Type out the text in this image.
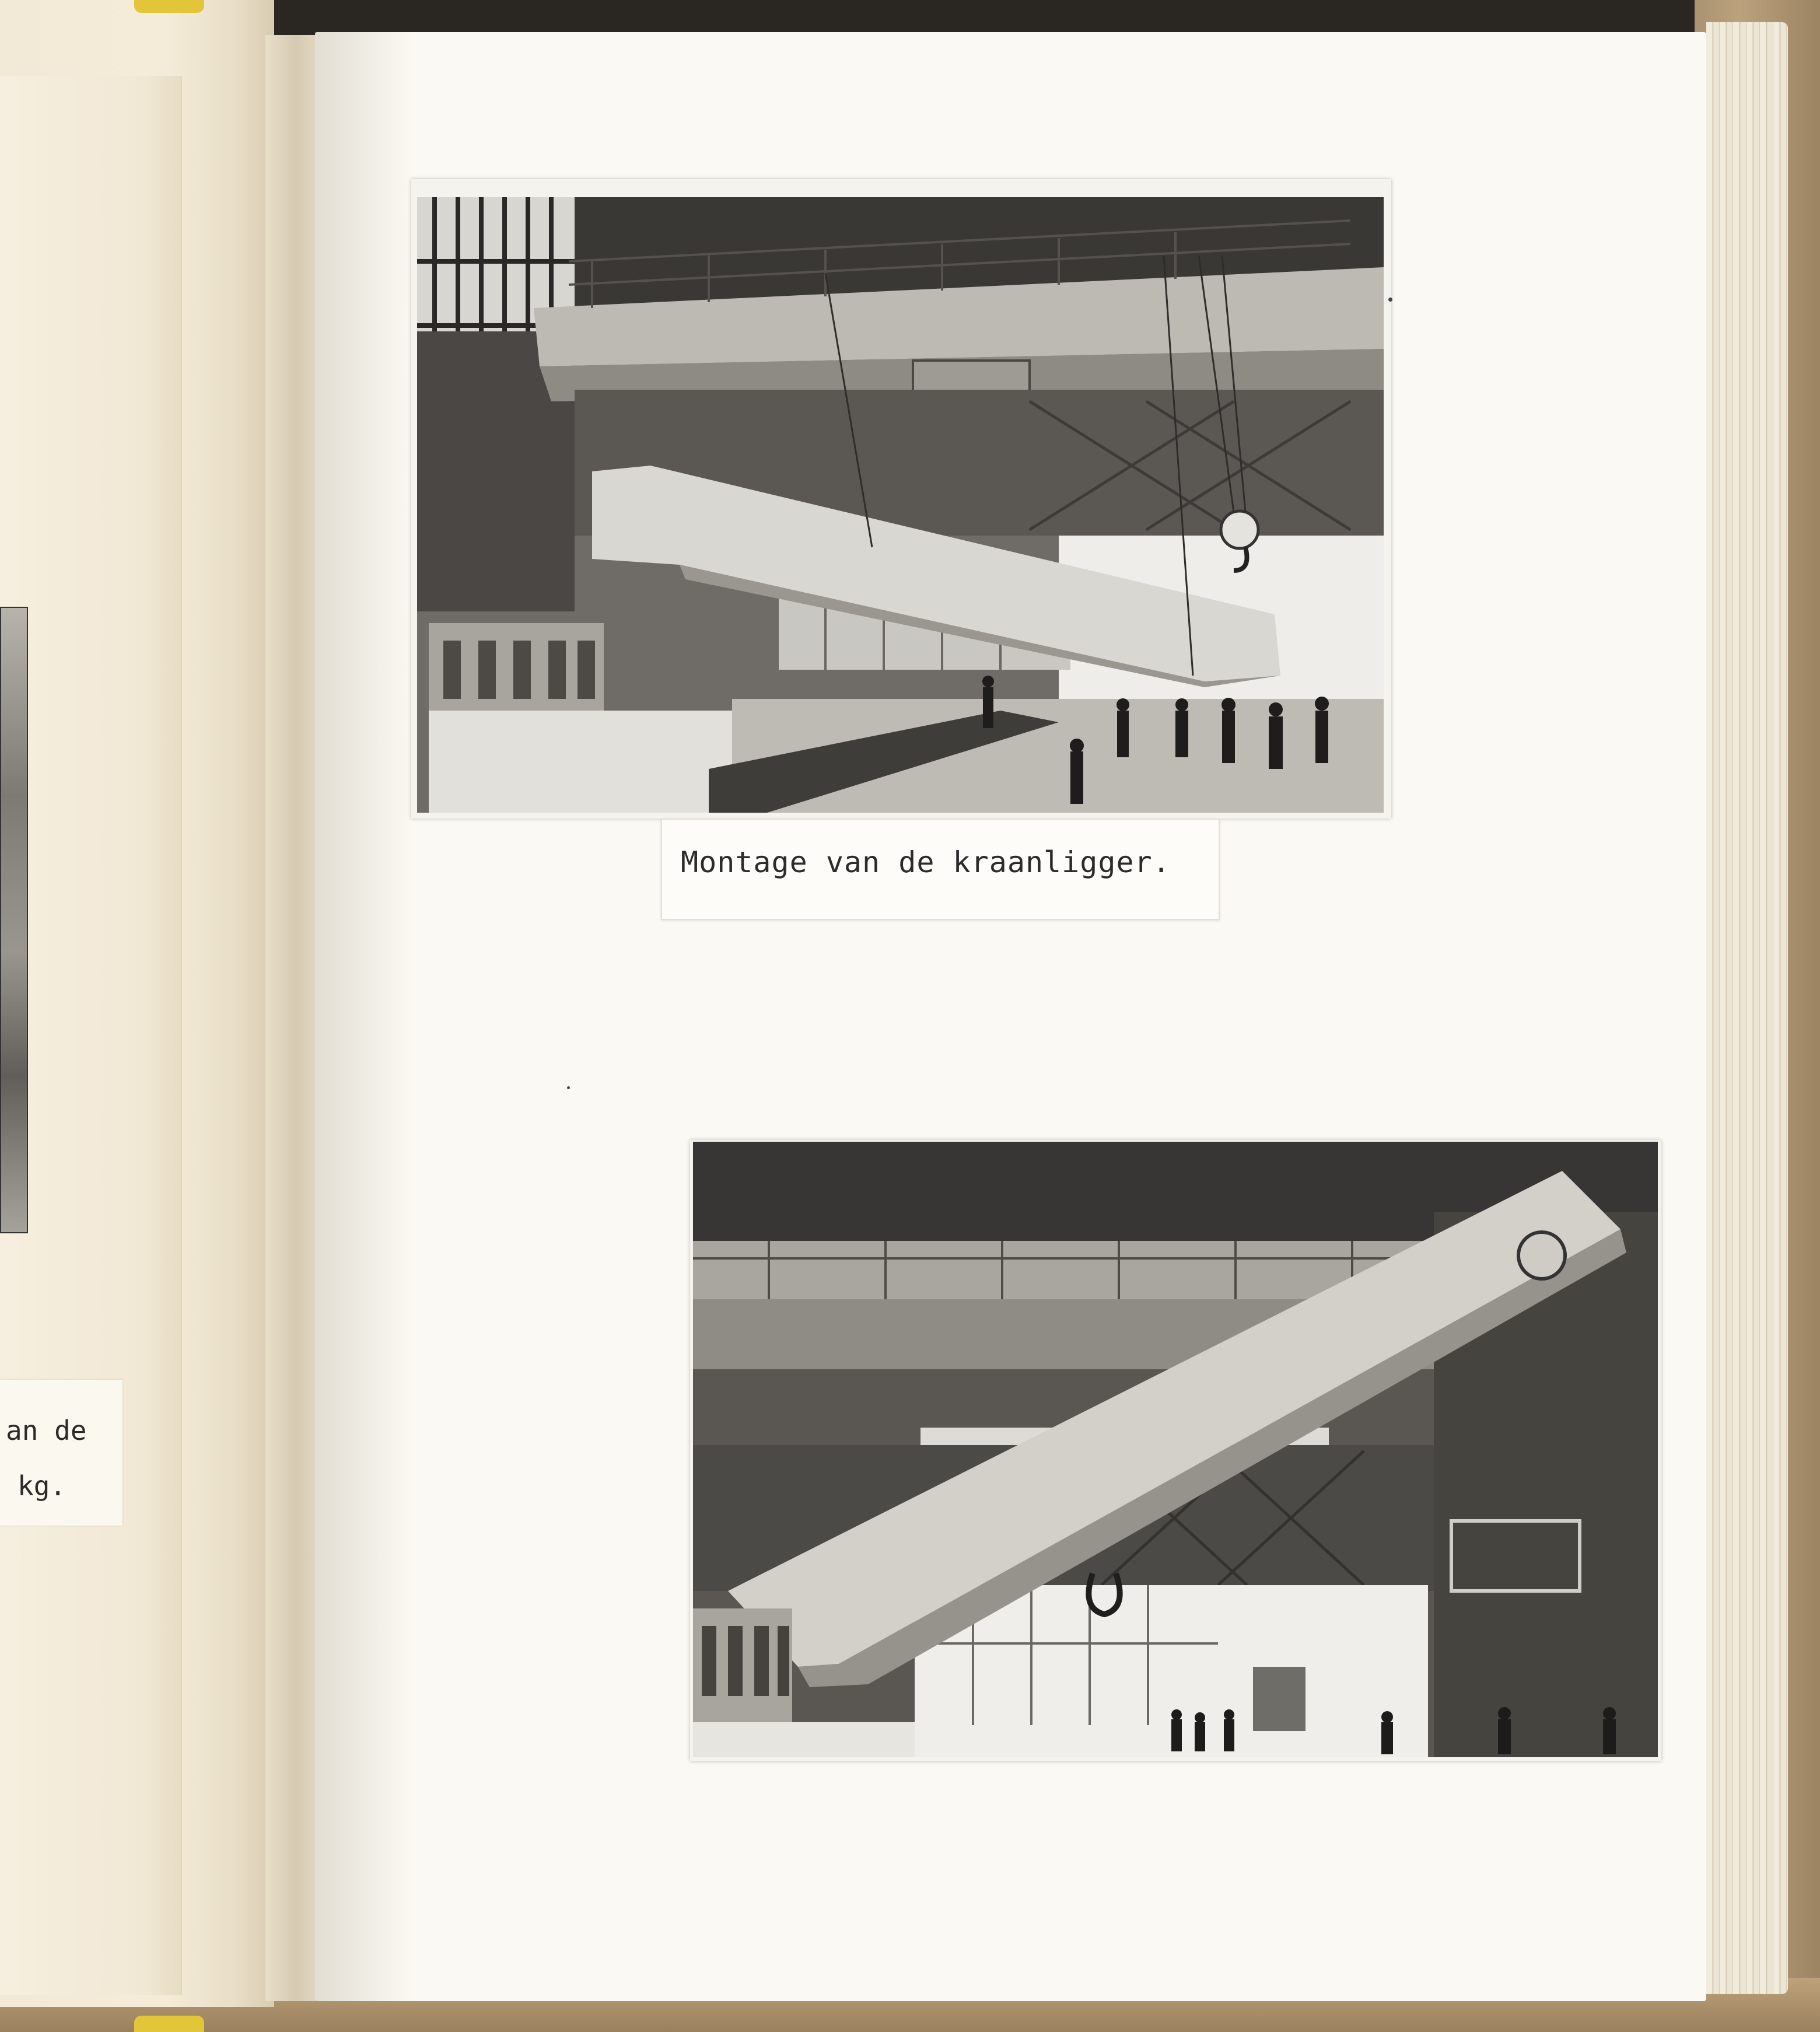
an de
kg.
Montage van de kraanligger.
